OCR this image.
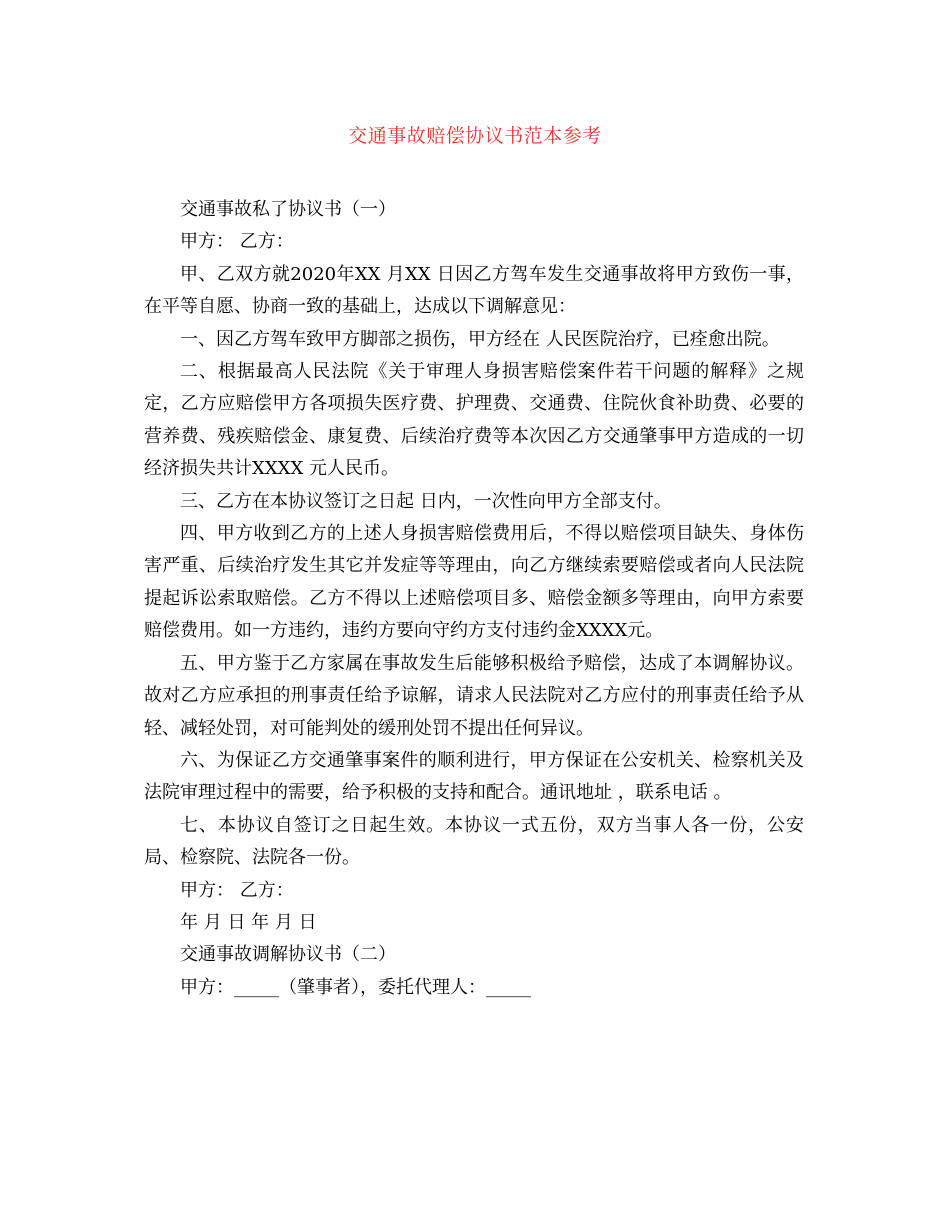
交通事故赔偿协议书范本参考

交通事故私了协议书（一）

甲方： 乙方：

甲、乙双方就2020年XX 月XX 日因乙方驾车发生交通事故将甲方致伤一事，在平等自愿、协商一致的基础上，达成以下调解意见：

一、因乙方驾车致甲方脚部之损伤，甲方经在 人民医院治疗，已痊愈出院。

二、根据最高人民法院《关于审理人身损害赔偿案件若干问题的解释》之规定，乙方应赔偿甲方各项损失医疗费、护理费、交通费、住院伙食补助费、必要的营养费、残疾赔偿金、康复费、后续治疗费等本次因乙方交通肇事甲方造成的一切经济损失共计XXXX 元人民币。

三、乙方在本协议签订之日起 日内，一次性向甲方全部支付。

四、甲方收到乙方的上述人身损害赔偿费用后，不得以赔偿项目缺失、身体伤害严重、后续治疗发生其它并发症等等理由，向乙方继续索要赔偿或者向人民法院提起诉讼索取赔偿。乙方不得以上述赔偿项目多、赔偿金额多等理由，向甲方索要赔偿费用。如一方违约，违约方要向守约方支付违约金XXXX元。

五、甲方鉴于乙方家属在事故发生后能够积极给予赔偿，达成了本调解协议。故对乙方应承担的刑事责任给予谅解，请求人民法院对乙方应付的刑事责任给予从轻、减轻处罚，对可能判处的缓刑处罚不提出任何异议。

六、为保证乙方交通肇事案件的顺利进行，甲方保证在公安机关、检察机关及法院审理过程中的需要，给予积极的支持和配合。通讯地址 ，联系电话 。

七、本协议自签订之日起生效。本协议一式五份，双方当事人各一份，公安局、检察院、法院各一份。

甲方： 乙方：

年 月 日 年 月 日

交通事故调解协议书（二）

甲方：_____（肇事者），委托代理人：_____
